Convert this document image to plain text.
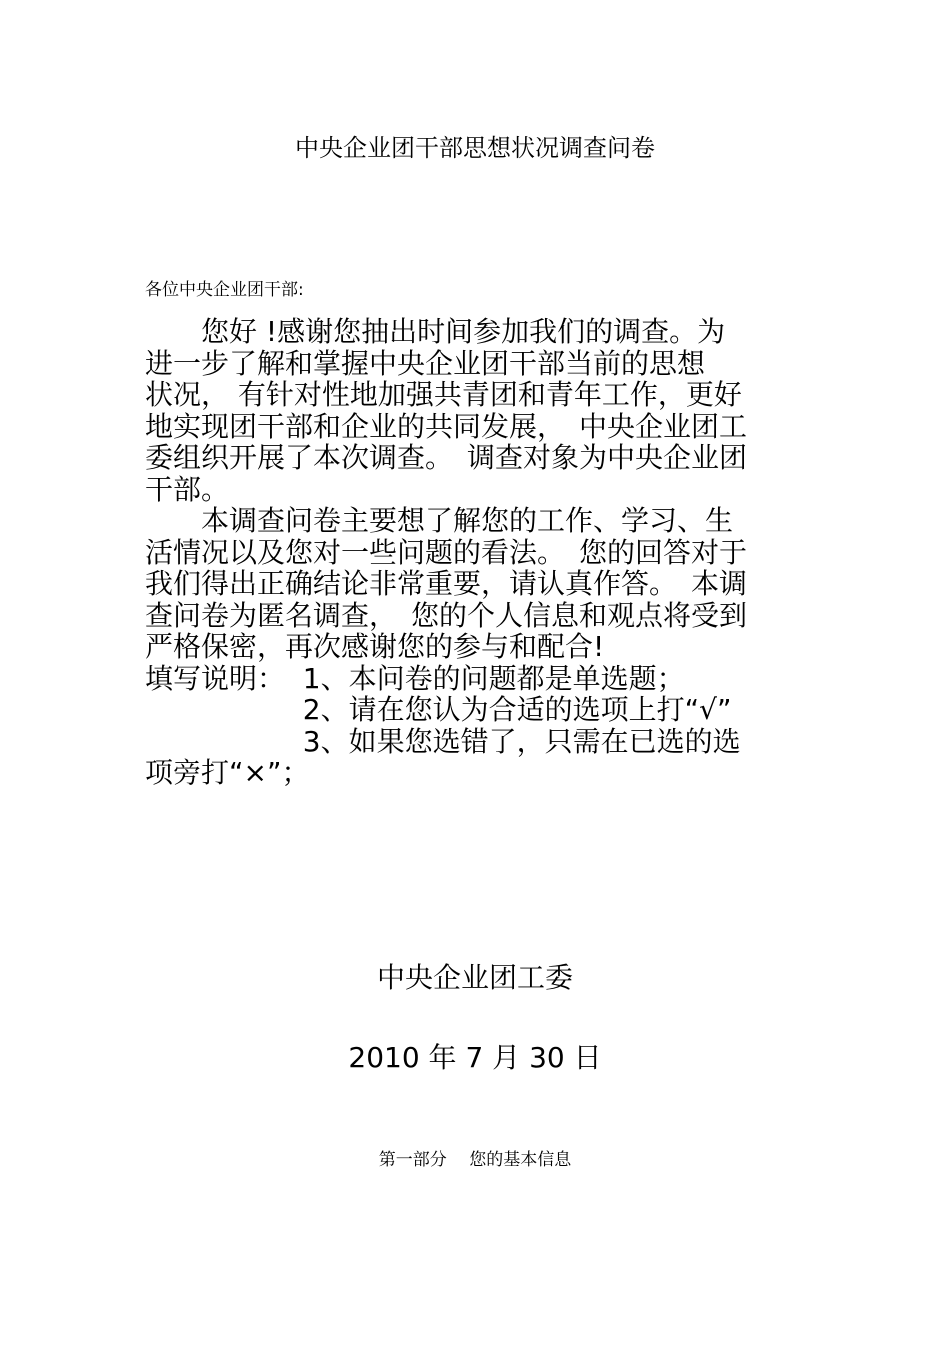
中央企业团干部思想状况调查问卷
各位中央企业团干部:
　　您好 !感谢您抽出时间参加我们的调查。为
进一步了解和掌握中央企业团干部当前的思想
状况， 有针对性地加强共青团和青年工作，更好
地实现团干部和企业的共同发展，　中央企业团工
委组织开展了本次调查。　调查对象为中央企业团
干部。
　　本调查问卷主要想了解您的工作、学习、生
活情况以及您对一些问题的看法。　您的回答对于
我们得出正确结论非常重要，请认真作答。　本调
查问卷为匿名调查，　您的个人信息和观点将受到
严格保密，再次感谢您的参与和配合!
填写说明：  1、本问卷的问题都是单选题；
　　　　　  2、请在您认为合适的选项上打“√”
　　　　　  3、如果您选错了，只需在已选的选
项旁打“×”；
中央企业团工委
2010 年 7 月 30 日
第一部分　 您的基本信息
